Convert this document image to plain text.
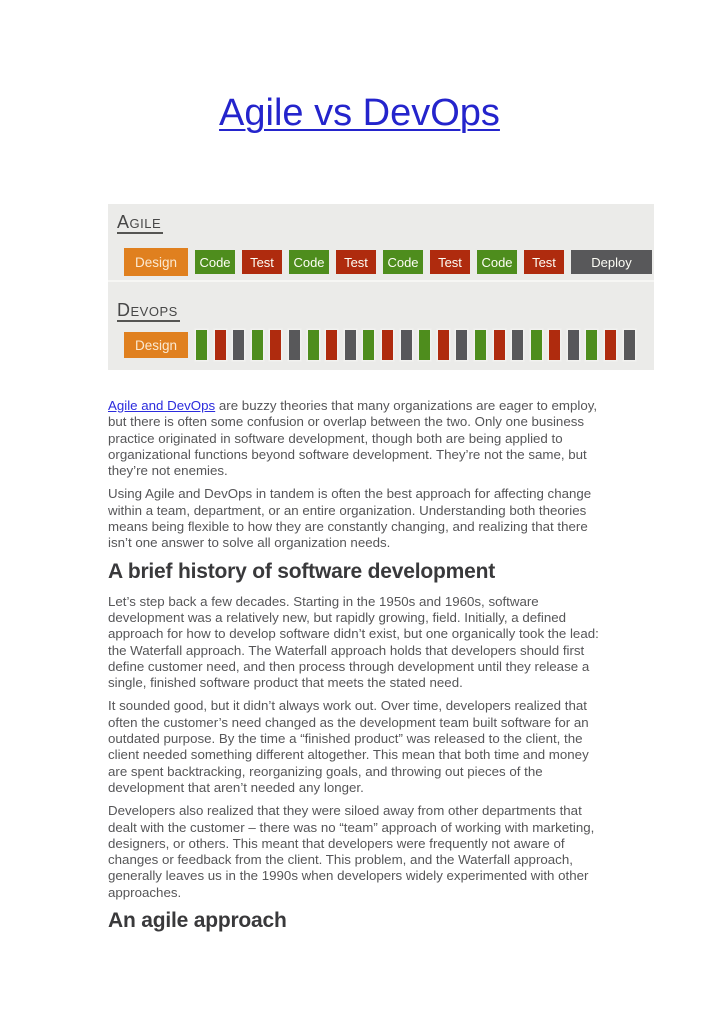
Agile vs DevOps
Agile
Design	Code	Test	Code	Test	Code	Test	Code	Test	Deploy
Devops
Design

Agile and DevOps are buzzy theories that many organizations are eager to employ, but there is often some confusion or overlap between the two. Only one business practice originated in software development, though both are being applied to organizational functions beyond software development. They’re not the same, but they’re not enemies.

Using Agile and DevOps in tandem is often the best approach for affecting change within a team, department, or an entire organization. Understanding both theories means being flexible to how they are constantly changing, and realizing that there isn’t one answer to solve all organization needs.

A brief history of software development

Let’s step back a few decades. Starting in the 1950s and 1960s, software development was a relatively new, but rapidly growing, field. Initially, a defined approach for how to develop software didn’t exist, but one organically took the lead: the Waterfall approach. The Waterfall approach holds that developers should first define customer need, and then process through development until they release a single, finished software product that meets the stated need.

It sounded good, but it didn’t always work out. Over time, developers realized that often the customer’s need changed as the development team built software for an outdated purpose. By the time a “finished product” was released to the client, the client needed something different altogether. This mean that both time and money are spent backtracking, reorganizing goals, and throwing out pieces of the development that aren’t needed any longer.

Developers also realized that they were siloed away from other departments that dealt with the customer – there was no “team” approach of working with marketing, designers, or others. This meant that developers were frequently not aware of changes or feedback from the client. This problem, and the Waterfall approach, generally leaves us in the 1990s when developers widely experimented with other approaches.

An agile approach
